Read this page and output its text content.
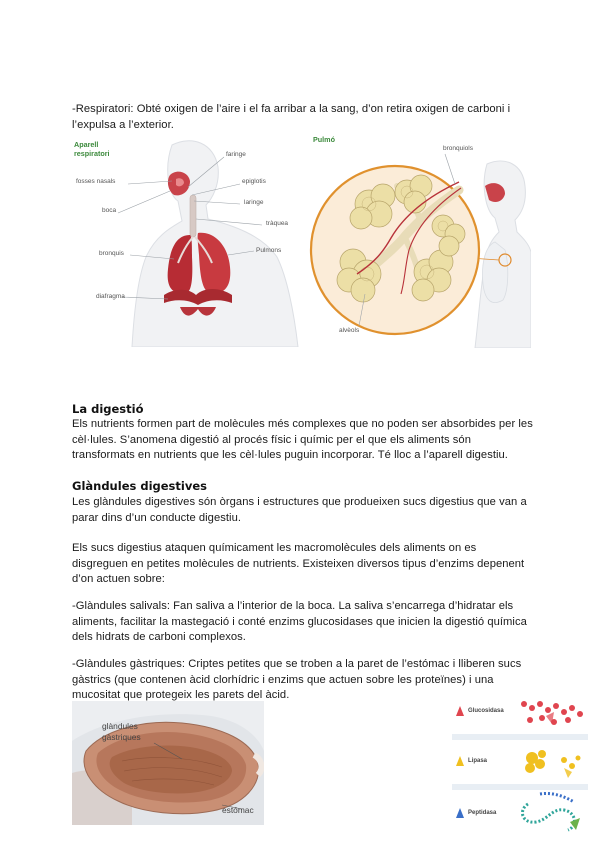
-Respiratori: Obté oxigen de l’aire i el fa arribar a la sang, d’on retira oxigen de carboni i l’expulsa a l’exterior.
Aparell respiratori
fosses nasals
boca
bronquis
diafragma
faringe
epiglotis
laringe
tràquea
Pulmons
Pulmó
bronquiols
alvèols
La digestió
Els nutrients formen part de molècules més complexes que no poden ser absorbides per les cèl·lules. S’anomena digestió al procés físic i químic per el que els aliments són transformats en nutrients que les cèl·lules puguin incorporar. Té lloc a l’aparell digestiu.
Glàndules digestives
Les glàndules digestives són òrgans i estructures que produeixen sucs digestius que van a parar dins d’un conducte digestiu.
Els sucs digestius ataquen químicament les macromolècules dels aliments on es disgreguen en petites molècules de nutrients. Existeixen diversos tipus d’enzims depenent d’on actuen sobre:
-Glàndules salivals: Fan saliva a l’interior de la boca. La saliva s’encarrega d’hidratar els aliments, facilitar la mastegació i conté enzims glucosidases que inicien la digestió química dels hidrats de carboni complexos.
-Glàndules gàstriques: Criptes petites que se troben a la paret de l’estómac i lliberen sucs gàstrics (que contenen àcid clorhídric i enzims que actuen sobre les proteïnes) i una mucositat que protegeix les parets del àcid.
glàndules gàstriques
estómac
Glucosidasa
Lipasa
Peptidasa
